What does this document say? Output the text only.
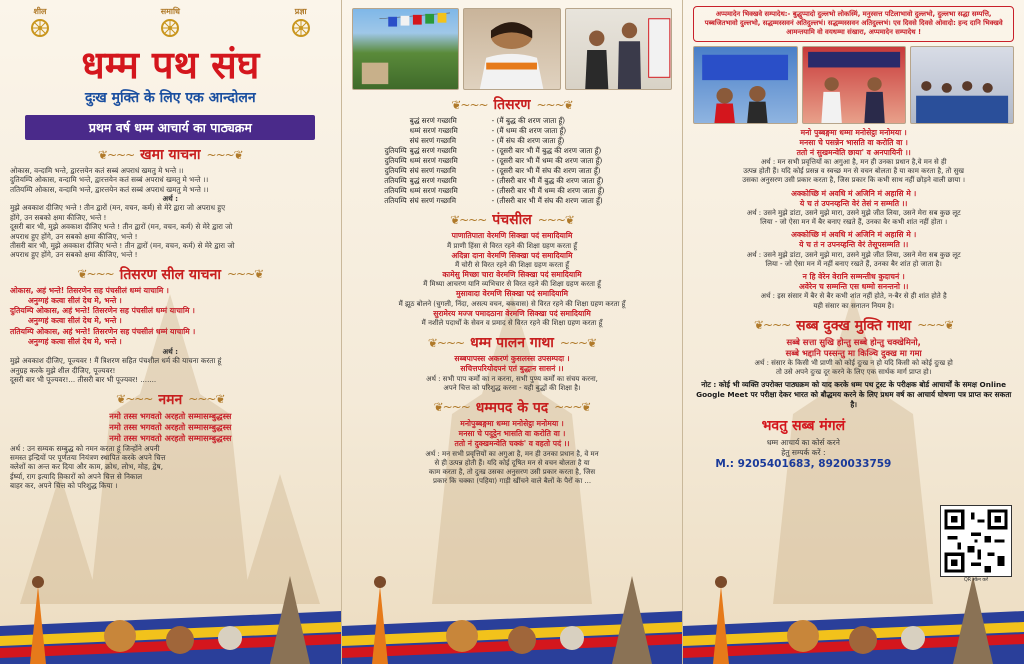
शील	समाधि	प्रज्ञा
धम्म पथ संघ
दुःख मुक्ति के लिए एक आन्दोलन
प्रथम वर्ष धम्म आचार्य का पाठ्यक्रम
❦~~~ खमा याचना ~~~❦
ओकास, वन्दामि भन्ते, द्वारत्तयेन कतं सब्बं अपराधं खमतु मे भन्ते ।।
दुतियम्पि ओकास, वन्दामि भन्ते, द्वारत्तयेन कतं सब्बं अपराधं खमतु मे भन्ते ।।
ततियम्पि ओकास, वन्दामि भन्ते, द्वारत्तयेन कतं सब्बं अपराधं खमतु मे भन्ते ।।
अर्थ :
मुझे अवकाश दीजिए भन्ते ! तीन द्वारों (मन, वचन, कर्म) से मेरे द्वारा जो अपराध हुए
होंगे, उन सबको क्षमा कीजिए, भन्ते !
दूसरी बार भी, मुझे अवकाश दीजिए भन्ते ! तीन द्वारों (मन, वचन, कर्म) से मेरे द्वारा जो
अपराध हुए होंगे, उन सबको क्षमा कीजिए, भन्ते !
तीसरी बार भी, मुझे अवकाश दीजिए भन्ते ! तीन द्वारों (मन, वचन, कर्म) से मेरे द्वारा जो
अपराध हुए होंगे, उन सबको क्षमा कीजिए, भन्ते !
❦~~~ तिसरण सील याचना ~~~❦
ओकास, अहं भन्ते! तिसरणेन सह पंचसीलं धम्मं याचामि ।
अनुग्गहं कत्वा सीलं देथ मे, भन्ते ।
दुतियम्पि ओकास, अहं भन्ते! तिसरणेन सह पंचसीलं धम्मं याचामि ।
अनुग्गहं कत्वा सीलं देथ मे, भन्ते ।
ततियम्पि ओकास, अहं भन्ते! तिसरणेन सह पंचसीलं धम्मं याचामि ।
अनुग्गहं कत्वा सीलं देथ मे, भन्ते ।
अर्थ :
मुझे अवकाश दीजिए, पूज्यवर ! मैं त्रिशरण सहित पंचशील धर्म की याचना करता हूं
अनुग्रह करके मुझे शील दीजिए, पूज्यवर!
दूसरी बार भी पूज्यवर!... तीसरी बार भी पूज्यवर! .......
❦~~~ नमन ~~~❦
नमो तस्स भगवतो अरहतो सम्मासम्बुद्धस्स
नमो तस्स भगवतो अरहतो सम्मासम्बुद्धस्स
नमो तस्स भगवतो अरहतो सम्मासम्बुद्धस्स
अर्थ : उन सम्यक सम्बुद्ध को नमन करता हूं जिन्होंने अपनी
समस्त इन्द्रियों पर पूर्णतया नियंत्रण स्थापित करके अपने चित्त
क्लेशों का अन्त कर दिया और काम, क्रोध, लोभ, मोह, द्वेष,
ईर्ष्या, राग इत्यादि विकारों को अपने चित्त से निकाल
बाहर कर, अपने चित्त को परिशुद्ध किया ।
❦~~~ तिसरण ~~~❦
बुद्धं सरणं गच्छामि	- (मैं बुद्ध की शरण जाता हूँ)
धम्मं सरणं गच्छामि	- (मैं धम्म की शरण जाता हूँ)
संघं सरणं गच्छामि	- (मैं संघ की शरण जाता हूँ)
दुतियम्पि बुद्धं सरणं गच्छामि	- (दूसरी बार भी मैं बुद्ध की शरण जाता हूँ)
दुतियम्पि धम्मं सरणं गच्छामि	- (दूसरी बार भी मैं धम्म की शरण जाता हूँ)
दुतियम्पि संघं सरणं गच्छामि	- (दूसरी बार भी मैं संघ की शरण जाता हूँ)
ततियम्पि बुद्धं सरणं गच्छामि	- (तीसरी बार भी मैं बुद्ध की शरण जाता हूँ)
ततियम्पि धम्मं सरणं गच्छामि	- (तीसरी बार भी मैं धम्म की शरण जाता हूँ)
ततियम्पि संघं सरणं गच्छामि	- (तीसरी बार भी मैं संघ की शरण जाता हूँ)
❦~~~ पंचसील ~~~❦
पाणातिपाता वेरमणि सिक्खा पदं समादियामि
मैं प्राणी हिंसा से विरत रहने की शिक्षा ग्रहण करता हूँ
अदिन्ना दाना वेरमणि सिक्खा पदं समादियामि
मैं चोरी से विरत रहने की शिक्षा ग्रहण करता हूँ
कामेसु मिच्छा चारा वेरमणि सिक्खा पदं समादियामि
मैं मिथ्या आचरण यानि व्यभिचार से विरत रहने की शिक्षा ग्रहण करता हूँ
मुसावादा वेरमणि सिक्खा पदं समादियामि
मैं झूठ बोलने (चुगली, निंदा, असत्य वचन, बकवास) से विरत रहने की शिक्षा ग्रहण करता हूँ
सुरामेरय मज्ज पमादठाना वेरमणि सिक्खा पदं समादियामि
मैं नशीले पदार्थों के सेवन व प्रमाद से विरत रहने की शिक्षा ग्रहण करता हूँ
❦~~~ धम्म पालन गाथा ~~~❦
सब्बपापस्स अकरणं कुसलस्स उपसम्पदा ।
सचित्तपरियोदपनं एतं बुद्धान सासनं ।।
अर्थ : सभी पाप कर्मों का न करना, सभी पुण्य कर्मों का संचय करना,
अपने चित्त को परिशुद्ध करना - यही बुद्धों की शिक्षा है।
❦~~~ धम्मपद के पद ~~~❦
मनोपुब्बङ्गमा धम्मा मनोसेट्ठा मनोमया ।
मनसा चे पदुट्ठेन भासति वा करोति वा ।
ततो नं दुक्खमन्वेति चक्कं' व वहतो पदं ।।
अर्थ : मन सभी प्रवृत्तियों का अगुआ है, मन ही उनका प्रधान है, वे मन
से ही उत्पन्न होती हैं। यदि कोई दूषित मन से वचन बोलता है या
काम करता है, तो दुःख उसका अनुसरण उसी प्रकार करता है, जिस
प्रकार कि चक्का (पहिया) गाड़ी खींचने वाले बैलों के पैरों का ...
अप्पमादेन भिक्खवे सम्पादेथ:- बुद्धुप्पादो दुल्लभो लोकस्मिं, मनुस्सत्त पटिलाभावो दुल्लभो, दुल्लभा सद्धा सम्पत्ति, पब्बजितभावो दुल्लभो, सद्धम्मस्सवनं अतिदुल्लभं। सद्धम्मस्सवन अतिदुल्लभं। एव दिवसे दिवसे ओवादो: हन्द दानि भिक्खवे आमन्तयामि वो वयधम्मा संखारा, अप्पमादेन सम्पादेथ !
मनो पुब्बङ्गमा धम्मा मनोसेट्ठा मनोमया ।
मनसा चे पसन्नेन भासति वा करोति वा ।
ततो नं सुखमन्वेति छाया' व अनपायिनी ।।
अर्थ : मन सभी प्रवृत्तियों का अगुआ है, मन ही उनका प्रधान है,वे मन से ही
उत्पन्न होती हैं। यदि कोई प्रसन्न व स्वच्छ मन से वचन बोलता है या काम करता है, तो सुख
उसका अनुसरण उसी प्रकार करता है, जिस प्रकार कि कभी साथ नहीं छोड़ने वाली छाया ।
अक्कोच्छि मं अवधि मं अजिनि मं अहासि मे ।
ये च तं उपनय्हन्ति वेरं तेसं न सम्मति ।।
अर्थ : उसने मुझे डांटा, उसने मुझे मारा, उसने मुझे जीत लिया, उसने मेरा सब कुछ लूट
लिया - जो ऐसा मन में बैर बनाए रखते हैं, उनका बैर कभी शांत नहीं होता ।
अक्कोच्छि मं अवधि मं अजिनि मं अहासि मे ।
ये च तं न उपनय्हन्ति वेरं तेसूपसम्मति ।।
अर्थ : उसने मुझे डांटा, उसने मुझे मारा, उसने मुझे जीत लिया, उसने मेरा सब कुछ लूट
लिया - जो ऐसा मन में नहीं बनाए रखते हैं, उनका बैर शांत हो जाता है।
न हि वेरेन वेरानि सम्मन्तीध कुदाचनं ।
अवेरेन च सम्मन्ति एस धम्मो सनन्तनो ।।
अर्थ : इस संसार में बैर से बैर कभी शांत नहीं होते, न-बैर से ही शांत होते है
यही संसार का सनातन नियम है।
❦~~~ सब्ब दुक्ख मुक्ति गाथा ~~~❦
सब्बे सत्ता सुखि होन्तु सब्बे होन्तु चक्खेमिनो,
सब्बे भद्दानि पस्सन्तु मा किञ्चि दुक्ख मा गमा
अर्थ : संसार के किसी भी प्राणी को कोई दुःख न हो यदि किसी को कोई दुःख हो
तो उसे अपने दुःख दूर करने के लिए एक सार्थक मार्ग प्राप्त हो।
नोट : कोई भी व्यक्ति उपरोक्त पाठ्यक्रम को याद करके धम्म पथ ट्रस्ट के परीक्षक बोर्ड आचार्यों के समक्ष Online Google Meet पर परीक्षा देकर भारत को बौद्धमय करने के लिए प्रथम वर्ष का आचार्य घोषणा पत्र प्राप्त कर सकता है।
भवतु सब्ब मंगलं
धम्म आचार्य का कोर्स करने
हेतु सम्पर्क करें :
M.: 9205401683, 8920033759
QR स्कैन करें
